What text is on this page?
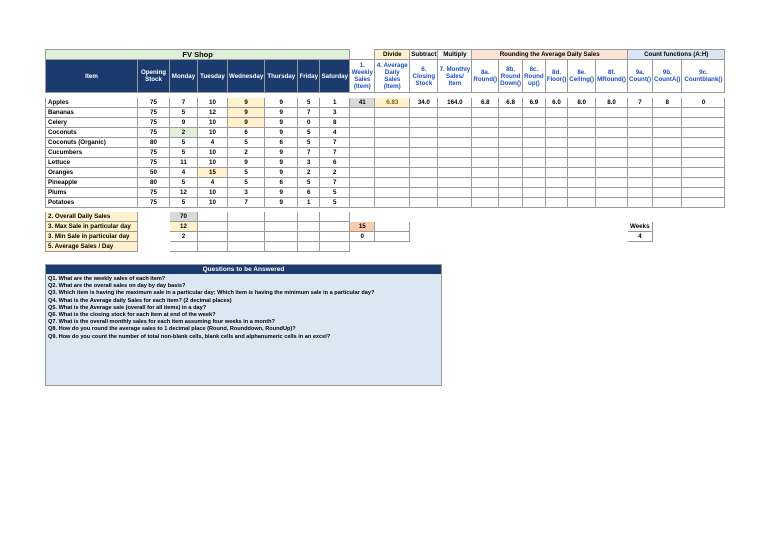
FV Shop									Divide	Subtract	Multiply	Rounding the Average Daily Sales						Count functions (A:H)		
Item	Opening Stock	Monday	Tuesday	Wednesday	Thursday	Friday	Saturday	1. Weekly Sales (Item)	4. Average Daily Sales (Item)	6. Closing Stock	7. Monthly Sales/ Item	8a. Round()	8b. Round Down()	8c. Round up()	8d. Floor()	8e. Ceiling()	8f. MRound()	9a. Count()	9b. CountA()	9c. Countblank()

Apples	75	7	10	9	9	5	1	41	6.83	34.0	164.0	6.8	6.8	6.9	6.0	8.0	8.0	7	8	0
Bananas	75	5	12	9	9	7	3													
Celery	75	9	10	9	9	0	8													
Coconuts	75	2	10	6	9	5	4													
Coconuts (Organic)	80	5	4	5	6	5	7													
Cucumbers	75	5	10	2	9	7	7													
Lettuce	75	11	10	9	9	3	6													
Oranges	50	4	15	5	9	2	2													
Pineapple	80	5	4	5	6	5	7													
Plums	75	12	10	3	9	6	5													
Potatoes	75	5	10	7	9	1	5													

2. Overall Daily Sales		70																		
3. Max Sale in particular day		12						15										Weeks		
3. Min Sale in particular day		2						0										4		
5. Average Sales / Day																				
Questions to be Answered
Q1. What are the weekly sales of each item?
Q2. What are the overall sales on day by day basis?
Q3. Which item is having the maximum sale in a particular day; Which item is having the minimum sale in a particular day?
Q4. What is the Average daily Sales for each item? (2 decimal places)
Q5. What is the Average sale (overall for all items) in a day?
Q6. What is the closing stock for each item at end of the week?
Q7. What is the overall monthly sales for each item assuming four weeks in a month?
Q8. How do you round the average sales to 1 decimal place (Round, Rounddown, RoundUp)?
Q9. How do you count the number of total non-blank cells, blank cells and alphanumeric cells in an excel?
